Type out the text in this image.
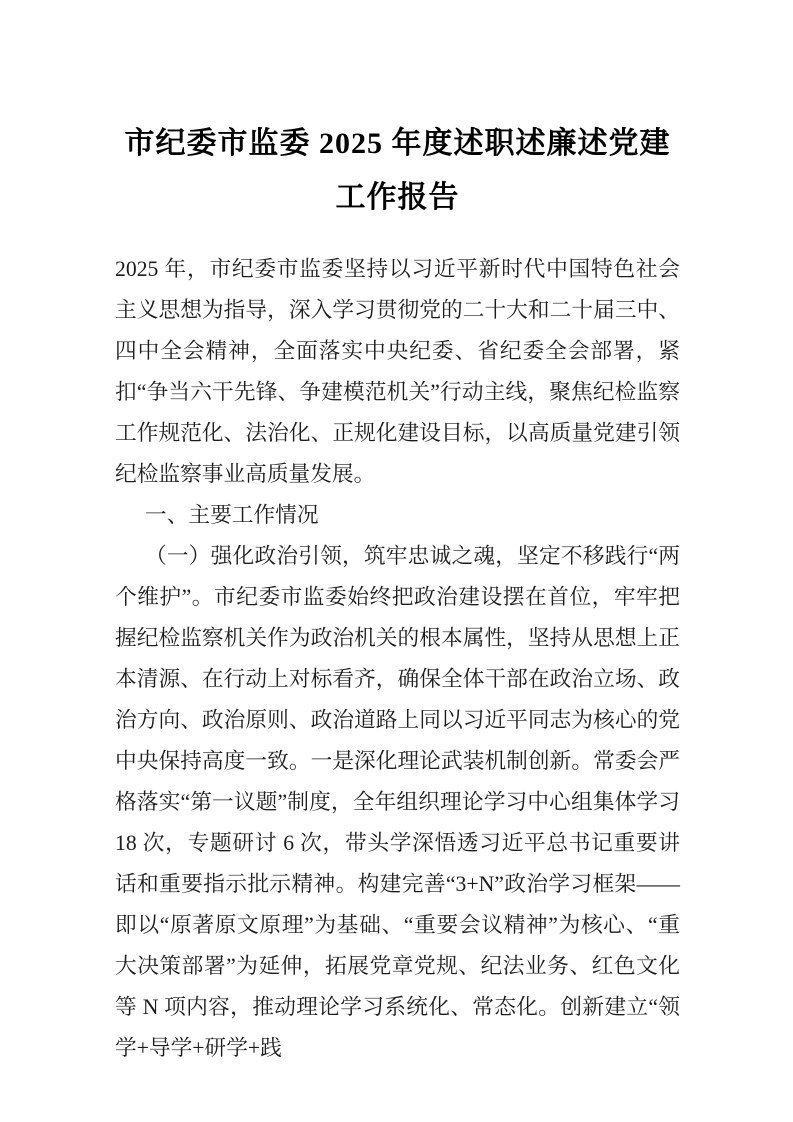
市纪委市监委 2025 年度述职述廉述党建工作报告

2025 年，市纪委市监委坚持以习近平新时代中国特色社会主义思想为指导，深入学习贯彻党的二十大和二十届三中、四中全会精神，全面落实中央纪委、省纪委全会部署，紧扣“争当六干先锋、争建模范机关”行动主线，聚焦纪检监察工作规范化、法治化、正规化建设目标，以高质量党建引领纪检监察事业高质量发展。

一、主要工作情况

（一）强化政治引领，筑牢忠诚之魂，坚定不移践行“两个维护”。市纪委市监委始终把政治建设摆在首位，牢牢把握纪检监察机关作为政治机关的根本属性，坚持从思想上正本清源、在行动上对标看齐，确保全体干部在政治立场、政治方向、政治原则、政治道路上同以习近平同志为核心的党中央保持高度一致。一是深化理论武装机制创新。常委会严格落实“第一议题”制度，全年组织理论学习中心组集体学习 18 次，专题研讨 6 次，带头学深悟透习近平总书记重要讲话和重要指示批示精神。构建完善“3+N”政治学习框架——即以“原著原文原理”为基础、“重要会议精神”为核心、“重大决策部署”为延伸，拓展党章党规、纪法业务、红色文化等 N 项内容，推动理论学习系统化、常态化。创新建立“领学+导学+研学+践
